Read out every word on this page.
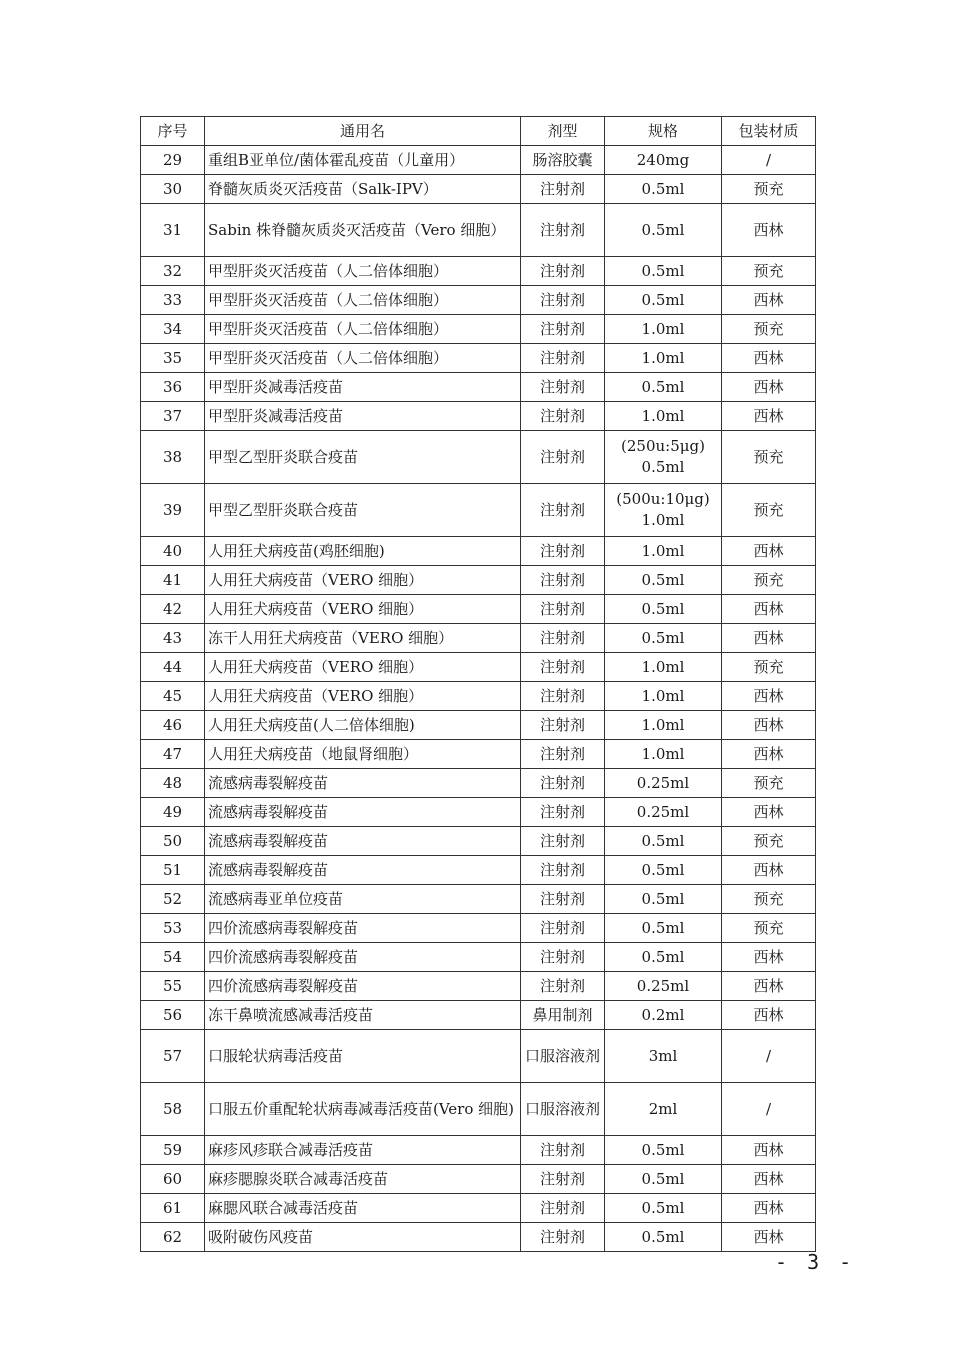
序号	通用名	剂型	规格	包装材质
29	重组B亚单位/菌体霍乱疫苗（儿童用）	肠溶胶囊	240mg	/
30	脊髓灰质炎灭活疫苗（Salk-IPV）	注射剂	0.5ml	预充
31	Sabin 株脊髓灰质炎灭活疫苗（Vero 细胞）	注射剂	0.5ml	西林
32	甲型肝炎灭活疫苗（人二倍体细胞）	注射剂	0.5ml	预充
33	甲型肝炎灭活疫苗（人二倍体细胞）	注射剂	0.5ml	西林
34	甲型肝炎灭活疫苗（人二倍体细胞）	注射剂	1.0ml	预充
35	甲型肝炎灭活疫苗（人二倍体细胞）	注射剂	1.0ml	西林
36	甲型肝炎减毒活疫苗	注射剂	0.5ml	西林
37	甲型肝炎减毒活疫苗	注射剂	1.0ml	西林
38	甲型乙型肝炎联合疫苗	注射剂	(250u:5μg) 0.5ml	预充
39	甲型乙型肝炎联合疫苗	注射剂	(500u:10μg) 1.0ml	预充
40	人用狂犬病疫苗(鸡胚细胞)	注射剂	1.0ml	西林
41	人用狂犬病疫苗（VERO 细胞）	注射剂	0.5ml	预充
42	人用狂犬病疫苗（VERO 细胞）	注射剂	0.5ml	西林
43	冻干人用狂犬病疫苗（VERO 细胞）	注射剂	0.5ml	西林
44	人用狂犬病疫苗（VERO 细胞）	注射剂	1.0ml	预充
45	人用狂犬病疫苗（VERO 细胞）	注射剂	1.0ml	西林
46	人用狂犬病疫苗(人二倍体细胞)	注射剂	1.0ml	西林
47	人用狂犬病疫苗（地鼠肾细胞）	注射剂	1.0ml	西林
48	流感病毒裂解疫苗	注射剂	0.25ml	预充
49	流感病毒裂解疫苗	注射剂	0.25ml	西林
50	流感病毒裂解疫苗	注射剂	0.5ml	预充
51	流感病毒裂解疫苗	注射剂	0.5ml	西林
52	流感病毒亚单位疫苗	注射剂	0.5ml	预充
53	四价流感病毒裂解疫苗	注射剂	0.5ml	预充
54	四价流感病毒裂解疫苗	注射剂	0.5ml	西林
55	四价流感病毒裂解疫苗	注射剂	0.25ml	西林
56	冻干鼻喷流感减毒活疫苗	鼻用制剂	0.2ml	西林
57	口服轮状病毒活疫苗	口服溶液剂	3ml	/
58	口服五价重配轮状病毒减毒活疫苗(Vero 细胞)	口服溶液剂	2ml	/
59	麻疹风疹联合减毒活疫苗	注射剂	0.5ml	西林
60	麻疹腮腺炎联合减毒活疫苗	注射剂	0.5ml	西林
61	麻腮风联合减毒活疫苗	注射剂	0.5ml	西林
62	吸附破伤风疫苗	注射剂	0.5ml	西林
- 3 -
